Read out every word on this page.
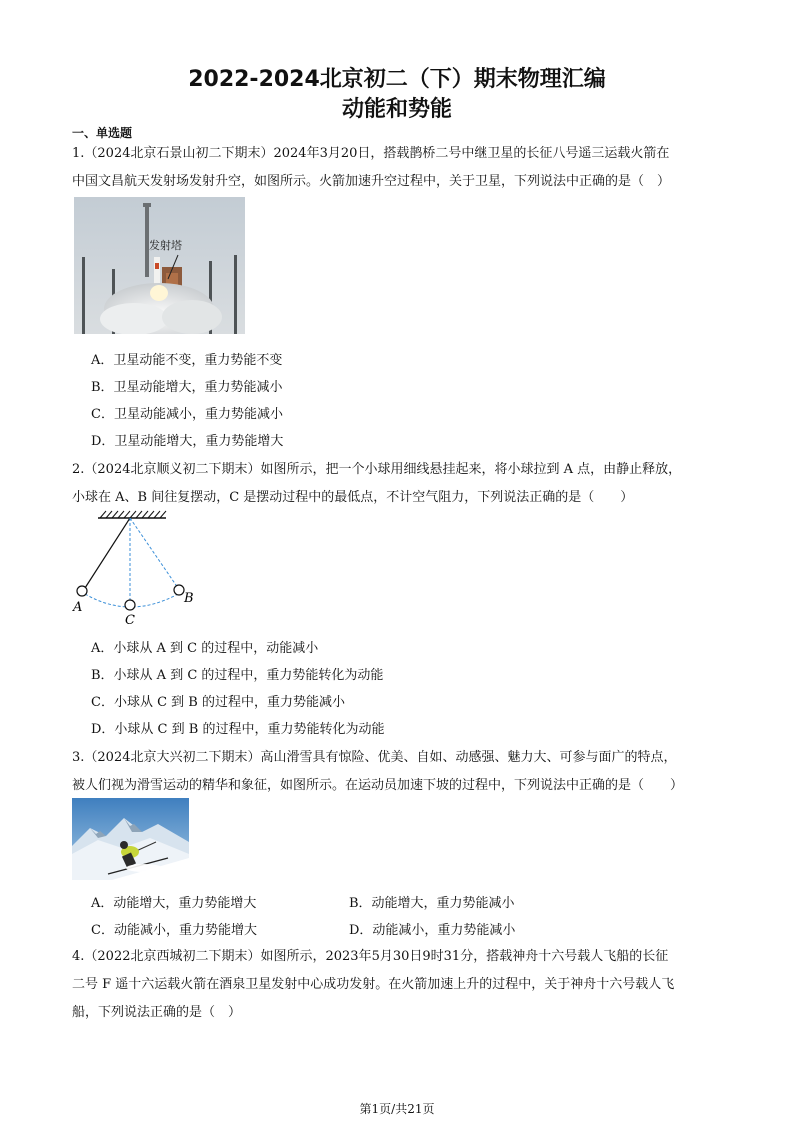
2022-2024北京初二（下）期末物理汇编
动能和势能
一、单选题
1.（2024北京石景山初二下期末）2024年3月20日，搭载鹊桥二号中继卫星的长征八号遥三运载火箭在
中国文昌航天发射场发射升空，如图所示。火箭加速升空过程中，关于卫星，下列说法中正确的是（　）
发射塔
A．卫星动能不变，重力势能不变
B．卫星动能增大，重力势能减小
C．卫星动能减小，重力势能减小
D．卫星动能增大，重力势能增大
2.（2024北京顺义初二下期末）如图所示，把一个小球用细线悬挂起来，将小球拉到 A 点，由静止释放，
小球在 A、B 间往复摆动，C 是摆动过程中的最低点，不计空气阻力，下列说法正确的是（　　）
A
C
B
A．小球从 A 到 C 的过程中，动能减小
B．小球从 A 到 C 的过程中，重力势能转化为动能
C．小球从 C 到 B 的过程中，重力势能减小
D．小球从 C 到 B 的过程中，重力势能转化为动能
3.（2024北京大兴初二下期末）高山滑雪具有惊险、优美、自如、动感强、魅力大、可参与面广的特点，
被人们视为滑雪运动的精华和象征，如图所示。在运动员加速下坡的过程中，下列说法中正确的是（　　）
A．动能增大，重力势能增大	B．动能增大，重力势能减小
C．动能减小，重力势能增大	D．动能减小，重力势能减小
4.（2022北京西城初二下期末）如图所示，2023年5月30日9时31分，搭载神舟十六号载人飞船的长征
二号 F 遥十六运载火箭在酒泉卫星发射中心成功发射。在火箭加速上升的过程中，关于神舟十六号载人飞
船，下列说法正确的是（　）
第1页/共21页
